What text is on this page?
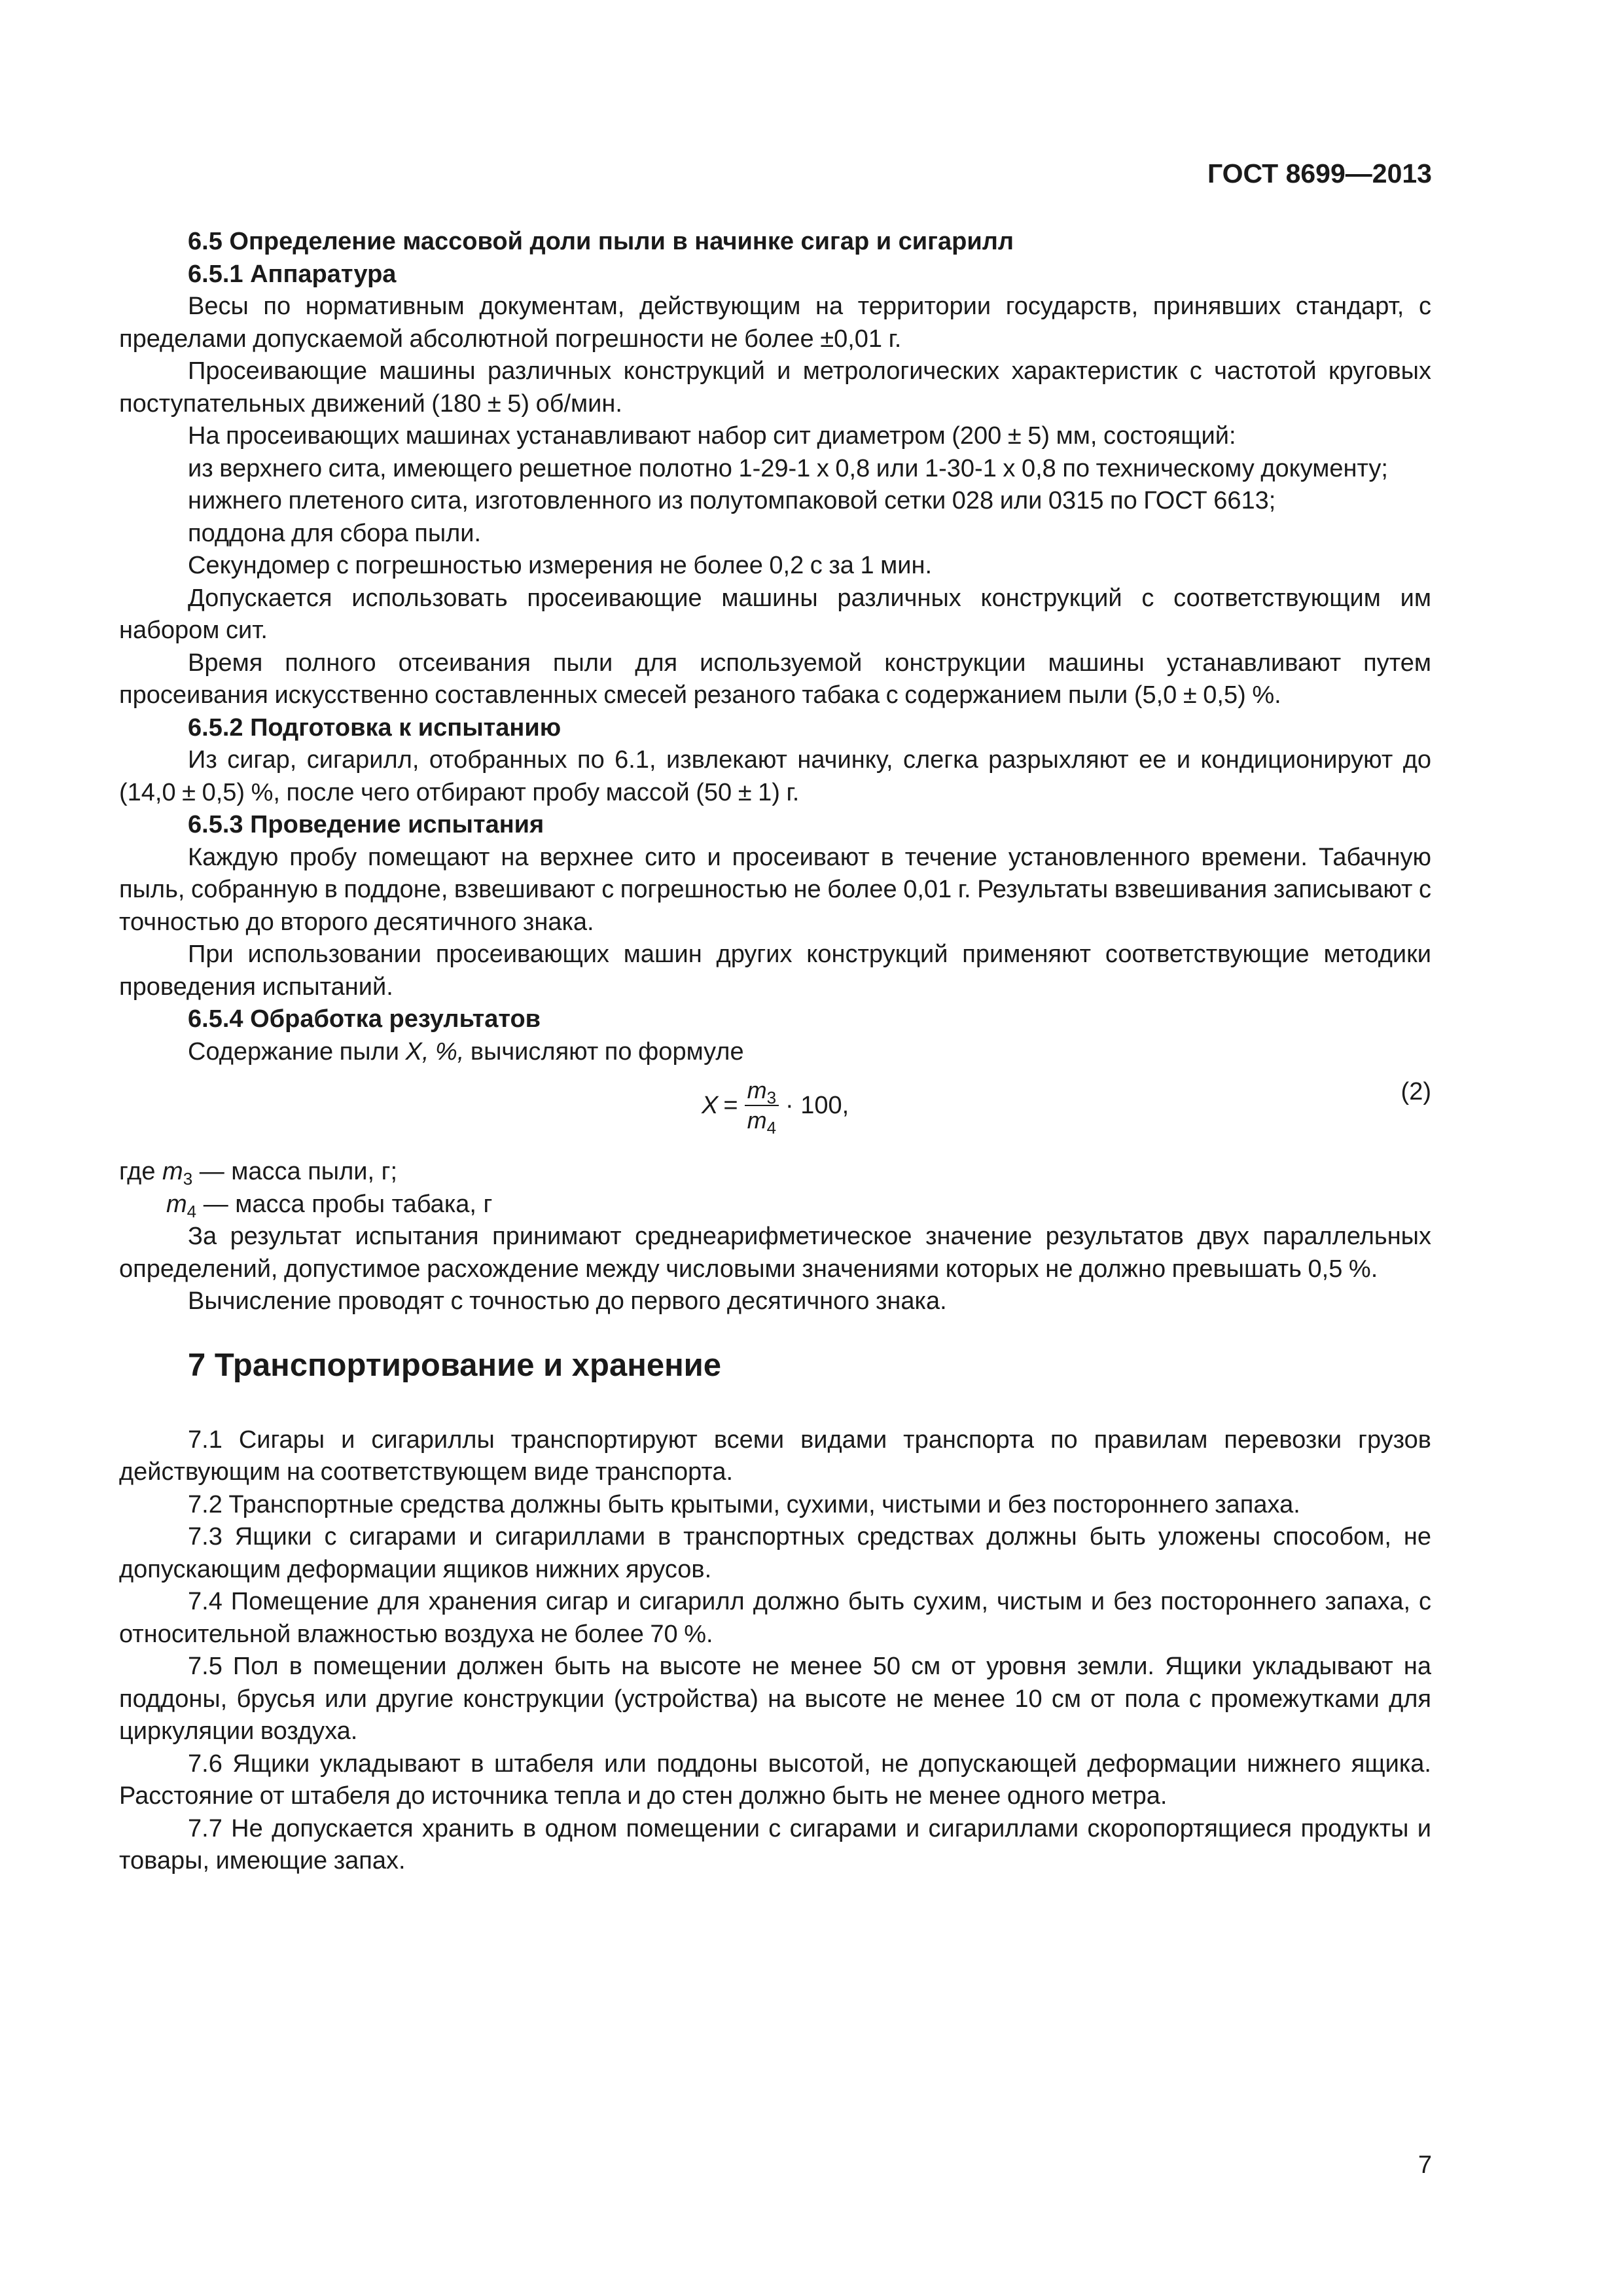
ГОСТ 8699—2013
6.5 Определение массовой доли пыли в начинке сигар и сигарилл
6.5.1 Аппаратура

Весы по нормативным документам, действующим на территории государств, принявших стандарт, с пределами допускаемой абсолютной погрешности не более ±0,01 г.

Просеивающие машины различных конструкций и метрологических характеристик с частотой круговых поступательных движений (180 ± 5) об/мин.

На просеивающих машинах устанавливают набор сит диаметром (200 ± 5) мм, состоящий:

из верхнего сита, имеющего решетное полотно 1-29-1 х 0,8 или 1-30-1 х 0,8 по техническому документу;

нижнего плетеного сита, изготовленного из полутомпаковой сетки 028 или 0315 по ГОСТ 6613;

поддона для сбора пыли.

Секундомер с погрешностью измерения не более 0,2 с за 1 мин.

Допускается использовать просеивающие машины различных конструкций с соответствующим им набором сит.

Время полного отсеивания пыли для используемой конструкции машины устанавливают путем просеивания искусственно составленных смесей резаного табака с содержанием пыли (5,0 ± 0,5) %.

6.5.2 Подготовка к испытанию

Из сигар, сигарилл, отобранных по 6.1, извлекают начинку, слегка разрыхляют ее и кондиционируют до (14,0 ± 0,5) %, после чего отбирают пробу массой (50 ± 1) г.

6.5.3 Проведение испытания

Каждую пробу помещают на верхнее сито и просеивают в течение установленного времени. Табачную пыль, собранную в поддоне, взвешивают с погрешностью не более 0,01 г. Результаты взвешивания записывают с точностью до второго десятичного знака.

При использовании просеивающих машин других конструкций применяют соответствующие методики проведения испытаний.

6.5.4 Обработка результатов

Содержание пыли X, %, вычисляют по формуле

$X = \frac{m_3}{m_4} \cdot 100$,	(2)
где $m_3$ — масса пыли, г;
$m_4$ — масса пробы табака, г

За результат испытания принимают среднеарифметическое значение результатов двух параллельных определений, допустимое расхождение между числовыми значениями которых не должно превышать 0,5 %.

Вычисление проводят с точностью до первого десятичного знака.

7 Транспортирование и хранение

7.1 Сигары и сигариллы транспортируют всеми видами транспорта по правилам перевозки грузов действующим на соответствующем виде транспорта.

7.2 Транспортные средства должны быть крытыми, сухими, чистыми и без постороннего запаха.

7.3 Ящики с сигарами и сигариллами в транспортных средствах должны быть уложены способом, не допускающим деформации ящиков нижних ярусов.

7.4 Помещение для хранения сигар и сигарилл должно быть сухим, чистым и без постороннего запаха, с относительной влажностью воздуха не более 70 %.

7.5 Пол в помещении должен быть на высоте не менее 50 см от уровня земли. Ящики укладывают на поддоны, брусья или другие конструкции (устройства) на высоте не менее 10 см от пола с промежутками для циркуляции воздуха.

7.6 Ящики укладывают в штабеля или поддоны высотой, не допускающей деформации нижнего ящика. Расстояние от штабеля до источника тепла и до стен должно быть не менее одного метра.

7.7 Не допускается хранить в одном помещении с сигарами и сигариллами скоропортящиеся продукты и товары, имеющие запах.

7
